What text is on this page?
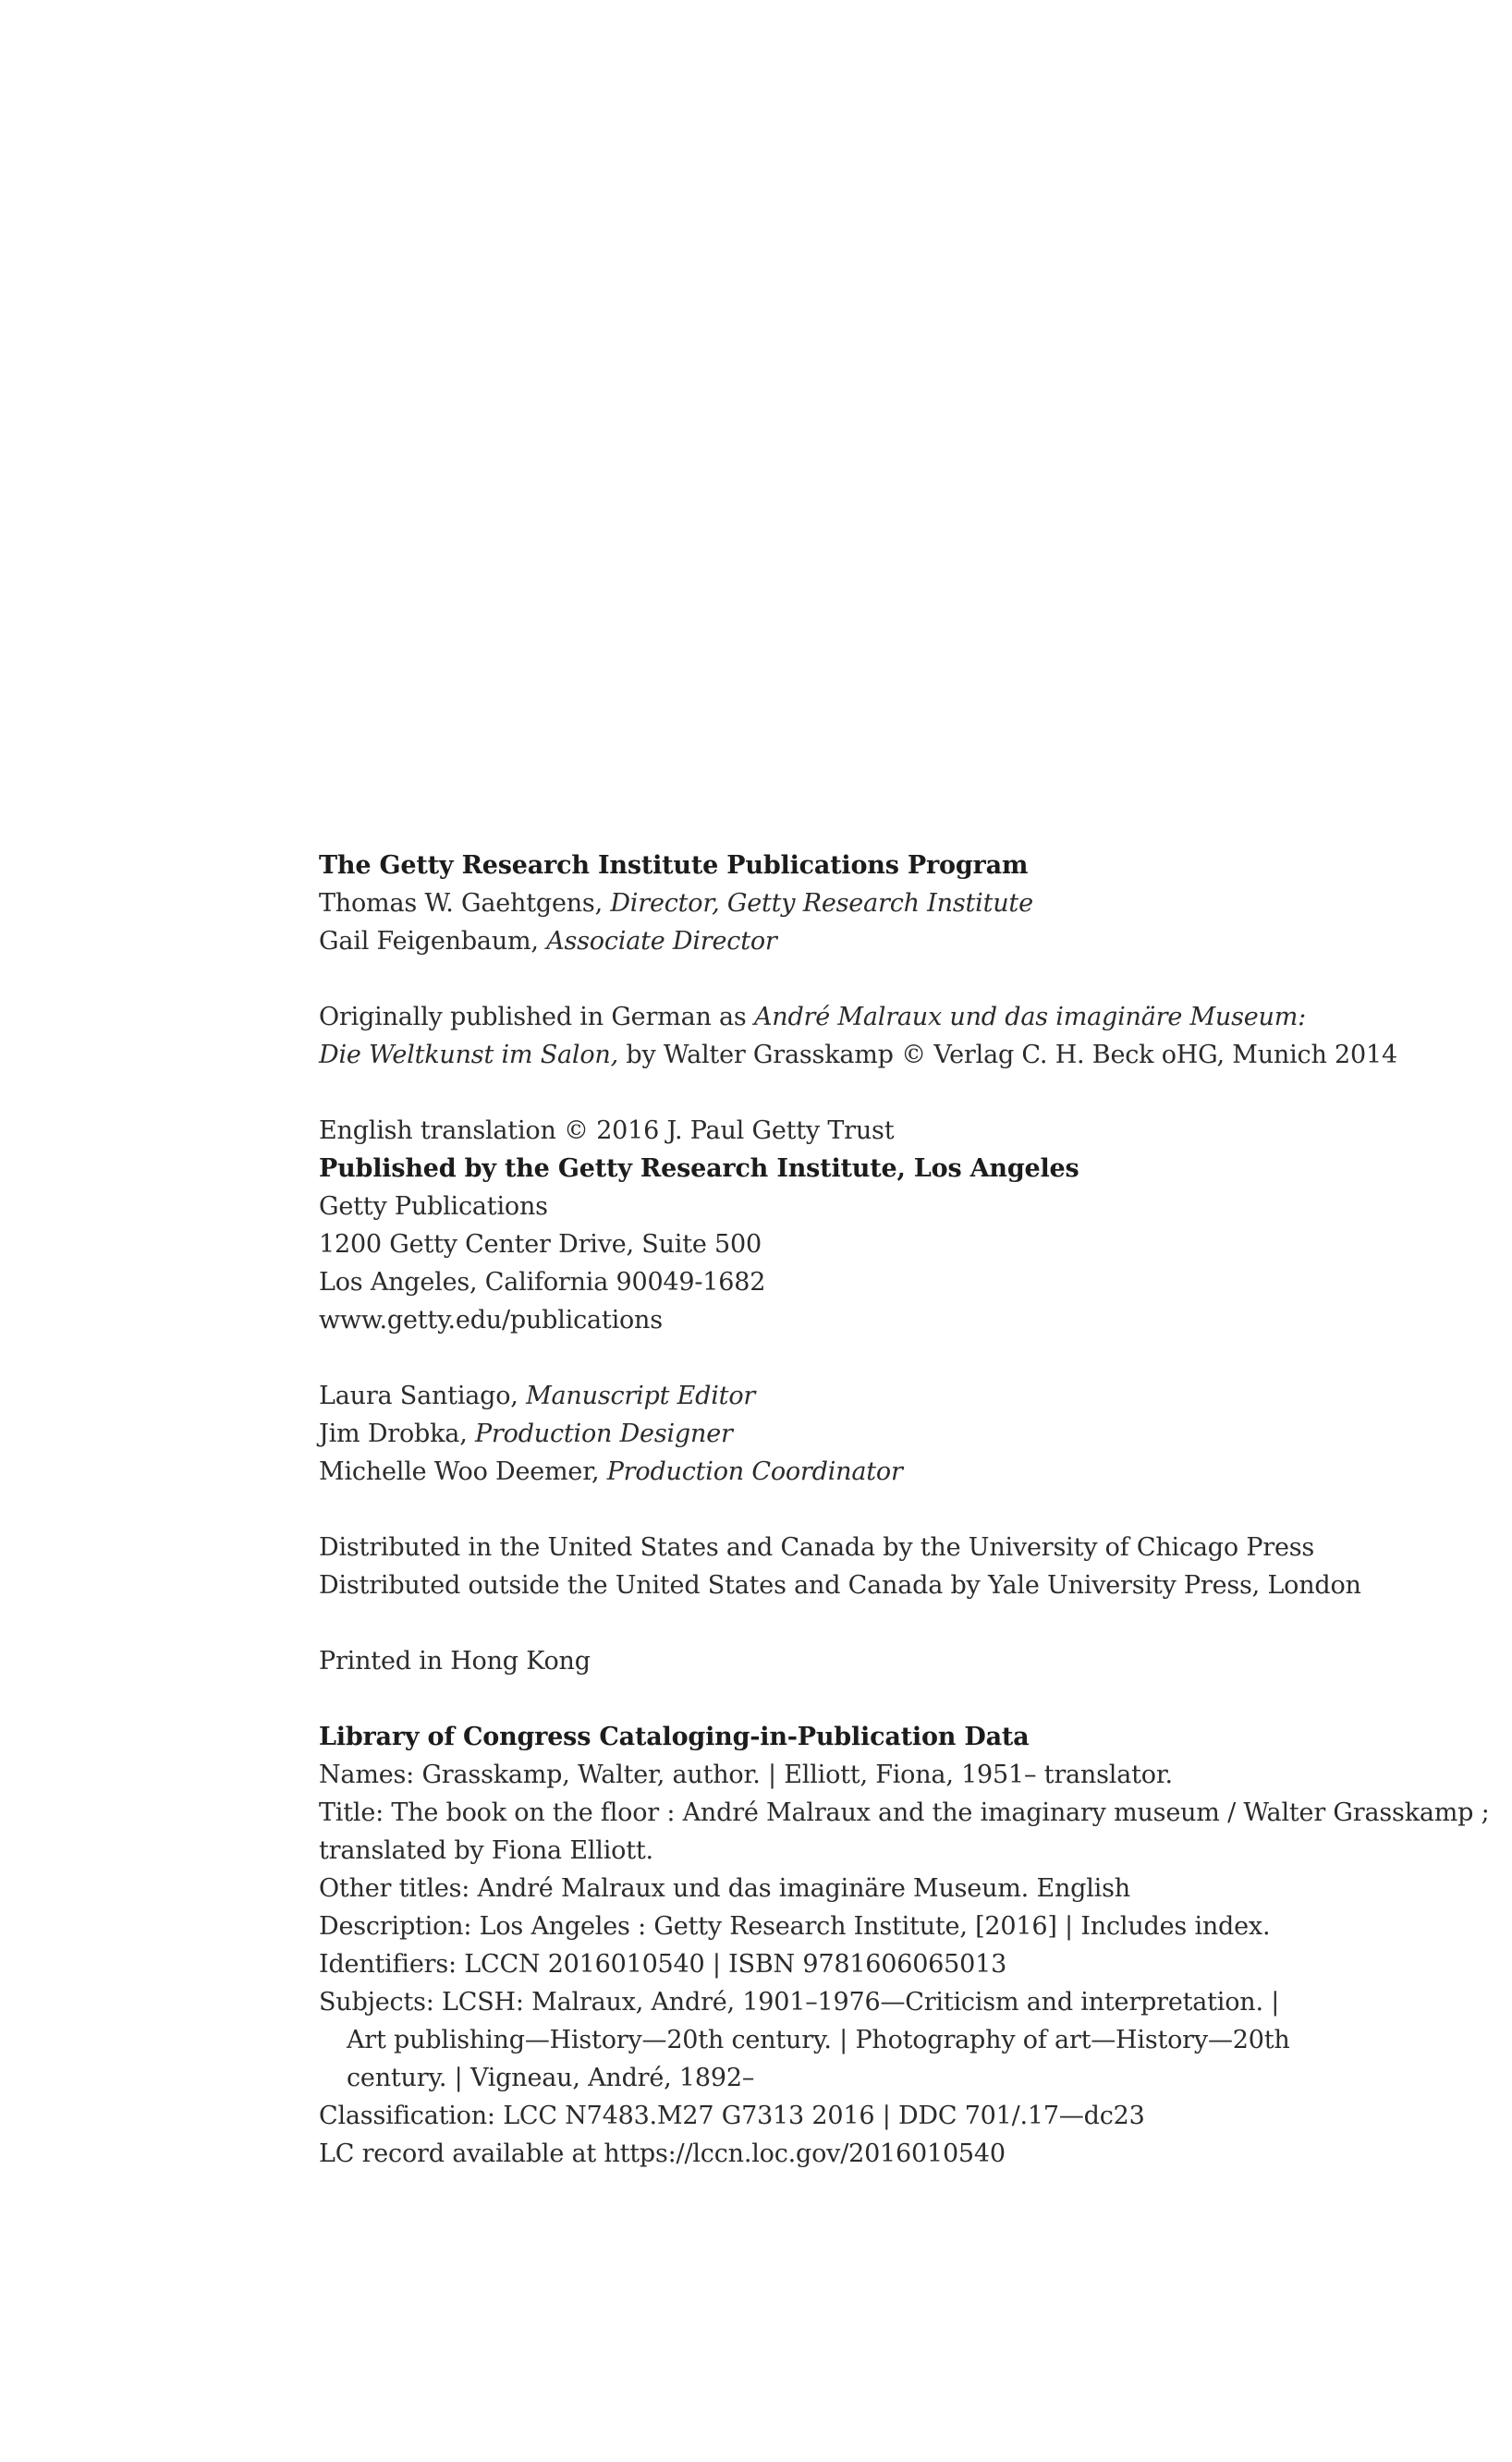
The Getty Research Institute Publications Program
Thomas W. Gaehtgens, Director, Getty Research Institute
Gail Feigenbaum, Associate Director
Originally published in German as André Malraux und das imaginäre Museum:
Die Weltkunst im Salon, by Walter Grasskamp © Verlag C. H. Beck oHG, Munich 2014
English translation © 2016 J. Paul Getty Trust
Published by the Getty Research Institute, Los Angeles
Getty Publications
1200 Getty Center Drive, Suite 500
Los Angeles, California 90049-1682
www.getty.edu/publications
Laura Santiago, Manuscript Editor
Jim Drobka, Production Designer
Michelle Woo Deemer, Production Coordinator
Distributed in the United States and Canada by the University of Chicago Press
Distributed outside the United States and Canada by Yale University Press, London
Printed in Hong Kong
Library of Congress Cataloging-in-Publication Data
Names: Grasskamp, Walter, author. | Elliott, Fiona, 1951– translator.
Title: The book on the floor : André Malraux and the imaginary museum / Walter Grasskamp ;
translated by Fiona Elliott.
Other titles: André Malraux und das imaginäre Museum. English
Description: Los Angeles : Getty Research Institute, [2016] | Includes index.
Identifiers: LCCN 2016010540 | ISBN 9781606065013
Subjects: LCSH: Malraux, André, 1901–1976—Criticism and interpretation. |
Art publishing—History—20th century. | Photography of art—History—20th
century. | Vigneau, André, 1892–
Classification: LCC N7483.M27 G7313 2016 | DDC 701/.17—dc23
LC record available at https://lccn.loc.gov/2016010540
